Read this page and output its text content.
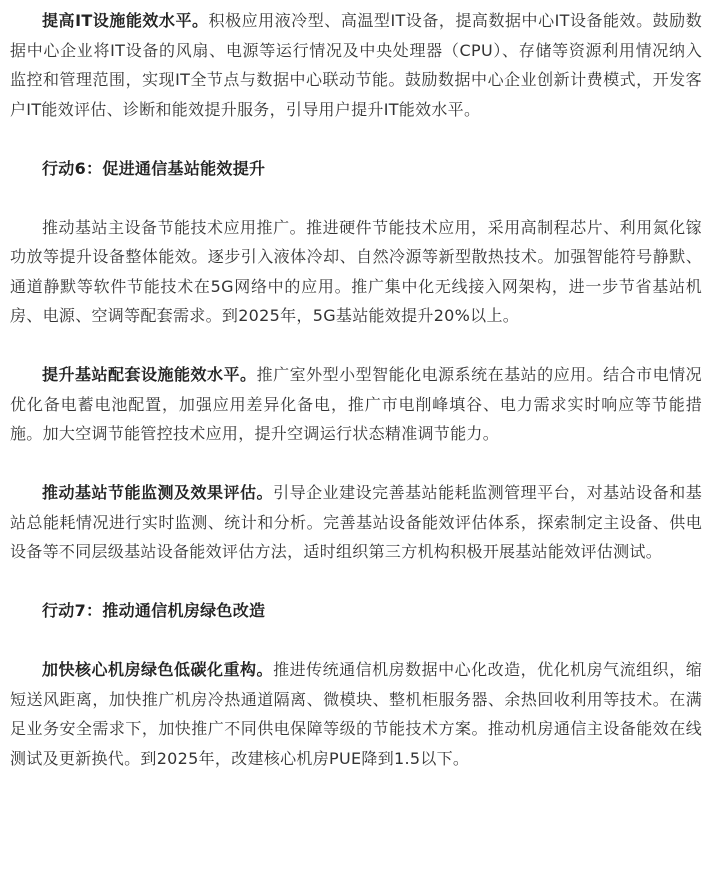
提高IT设施能效水平。积极应用液冷型、高温型IT设备，提高数据中心IT设备能效。鼓励数据中心企业将IT设备的风扇、电源等运行情况及中央处理器（CPU）、存储等资源利用情况纳入监控和管理范围，实现IT全节点与数据中心联动节能。鼓励数据中心企业创新计费模式，开发客户IT能效评估、诊断和能效提升服务，引导用户提升IT能效水平。

行动6：促进通信基站能效提升

推动基站主设备节能技术应用推广。推进硬件节能技术应用，采用高制程芯片、利用氮化镓功放等提升设备整体能效。逐步引入液体冷却、自然冷源等新型散热技术。加强智能符号静默、通道静默等软件节能技术在5G网络中的应用。推广集中化无线接入网架构，进一步节省基站机房、电源、空调等配套需求。到2025年，5G基站能效提升20%以上。

提升基站配套设施能效水平。推广室外型小型智能化电源系统在基站的应用。结合市电情况优化备电蓄电池配置，加强应用差异化备电，推广市电削峰填谷、电力需求实时响应等节能措施。加大空调节能管控技术应用，提升空调运行状态精准调节能力。

推动基站节能监测及效果评估。引导企业建设完善基站能耗监测管理平台，对基站设备和基站总能耗情况进行实时监测、统计和分析。完善基站设备能效评估体系，探索制定主设备、供电设备等不同层级基站设备能效评估方法，适时组织第三方机构积极开展基站能效评估测试。

行动7：推动通信机房绿色改造

加快核心机房绿色低碳化重构。推进传统通信机房数据中心化改造，优化机房气流组织，缩短送风距离，加快推广机房冷热通道隔离、微模块、整机柜服务器、余热回收利用等技术。在满足业务安全需求下，加快推广不同供电保障等级的节能技术方案。推动机房通信主设备能效在线测试及更新换代。到2025年，改建核心机房PUE降到1.5以下。
